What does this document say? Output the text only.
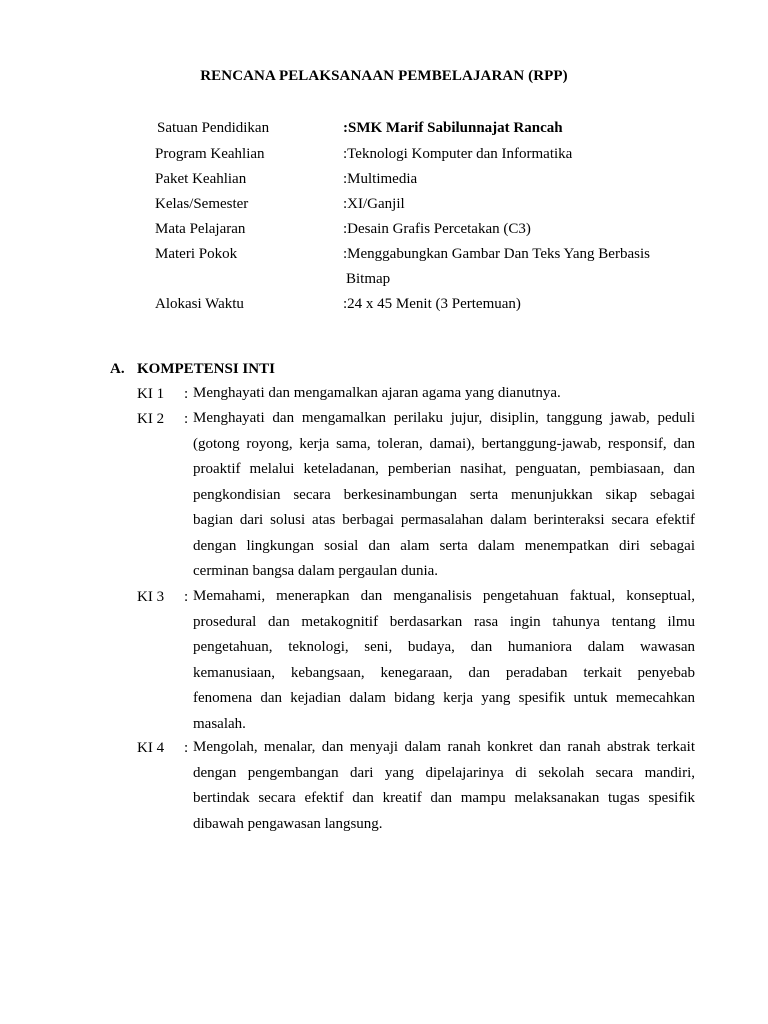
RENCANA PELAKSANAAN PEMBELAJARAN (RPP)
Satuan Pendidikan	:SMK Marif Sabilunnajat Rancah
Program Keahlian	:Teknologi Komputer dan Informatika
Paket Keahlian	:Multimedia
Kelas/Semester	:XI/Ganjil
Mata Pelajaran	:Desain Grafis Percetakan (C3)
Materi Pokok	:Menggabungkan Gambar Dan Teks Yang Berbasis
Bitmap
Alokasi Waktu	:24 x 45 Menit (3 Pertemuan)
A. KOMPETENSI INTI
KI 1 : Menghayati dan mengamalkan ajaran agama yang dianutnya.
KI 2 : Menghayati dan mengamalkan perilaku jujur, disiplin, tanggung jawab, peduli
(gotong royong, kerja sama, toleran, damai), bertanggung-jawab, responsif, dan
proaktif melalui keteladanan, pemberian nasihat, penguatan, pembiasaan, dan
pengkondisian secara berkesinambungan serta menunjukkan sikap sebagai
bagian dari solusi atas berbagai permasalahan dalam berinteraksi secara efektif
dengan lingkungan sosial dan alam serta dalam menempatkan diri sebagai
cerminan bangsa dalam pergaulan dunia.
KI 3 : Memahami, menerapkan dan menganalisis pengetahuan faktual, konseptual,
prosedural dan metakognitif berdasarkan rasa ingin tahunya tentang ilmu
pengetahuan, teknologi, seni, budaya, dan humaniora dalam wawasan
kemanusiaan, kebangsaan, kenegaraan, dan peradaban terkait penyebab
fenomena dan kejadian dalam bidang kerja yang spesifik untuk memecahkan
masalah.
KI 4 : Mengolah, menalar, dan menyaji dalam ranah konkret dan ranah abstrak terkait
dengan pengembangan dari yang dipelajarinya di sekolah secara mandiri,
bertindak secara efektif dan kreatif dan mampu melaksanakan tugas spesifik
dibawah pengawasan langsung.
